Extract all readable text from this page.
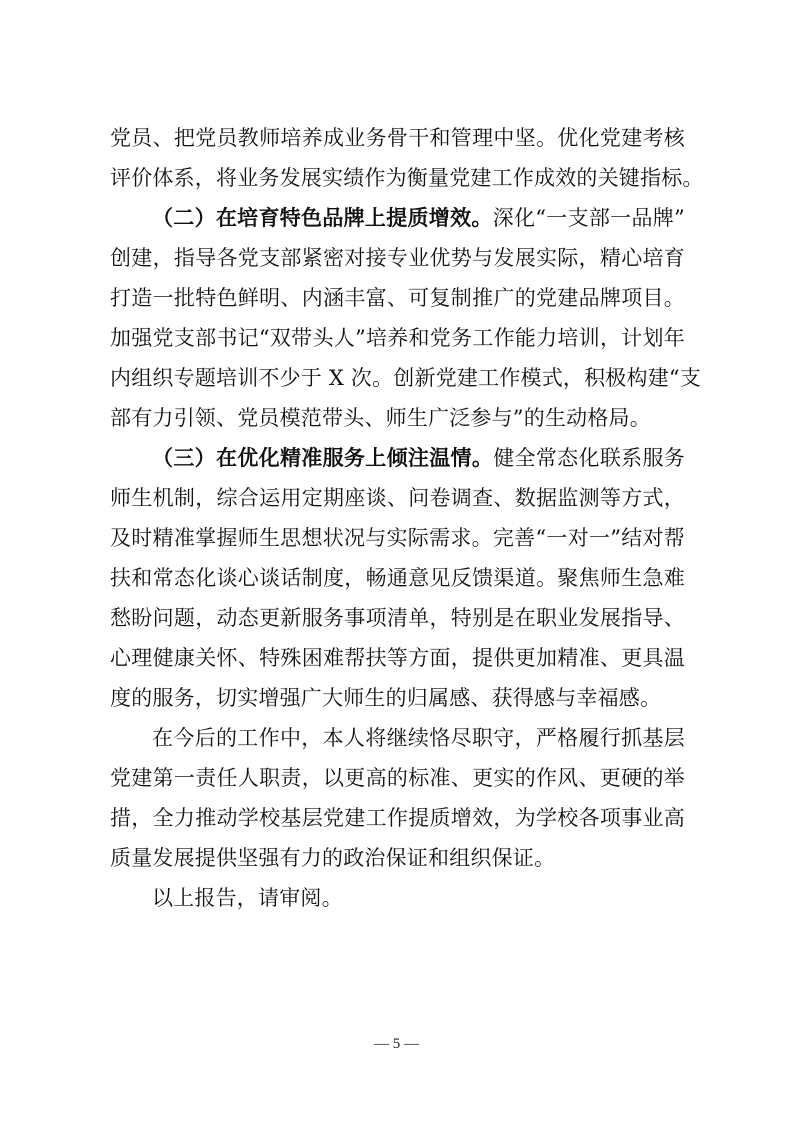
党员、把党员教师培养成业务骨干和管理中坚。优化党建考核
评价体系，将业务发展实绩作为衡量党建工作成效的关键指标。
（二）在培育特色品牌上提质增效。深化“一支部一品牌”
创建，指导各党支部紧密对接专业优势与发展实际，精心培育
打造一批特色鲜明、内涵丰富、可复制推广的党建品牌项目。
加强党支部书记“双带头人”培养和党务工作能力培训，计划年
内组织专题培训不少于 X 次。创新党建工作模式，积极构建“支
部有力引领、党员模范带头、师生广泛参与”的生动格局。
（三）在优化精准服务上倾注温情。健全常态化联系服务
师生机制，综合运用定期座谈、问卷调查、数据监测等方式，
及时精准掌握师生思想状况与实际需求。完善“一对一”结对帮
扶和常态化谈心谈话制度，畅通意见反馈渠道。聚焦师生急难
愁盼问题，动态更新服务事项清单，特别是在职业发展指导、
心理健康关怀、特殊困难帮扶等方面，提供更加精准、更具温
度的服务，切实增强广大师生的归属感、获得感与幸福感。
在今后的工作中，本人将继续恪尽职守，严格履行抓基层
党建第一责任人职责，以更高的标准、更实的作风、更硬的举
措，全力推动学校基层党建工作提质增效，为学校各项事业高
质量发展提供坚强有力的政治保证和组织保证。
以上报告，请审阅。
— 5 —
